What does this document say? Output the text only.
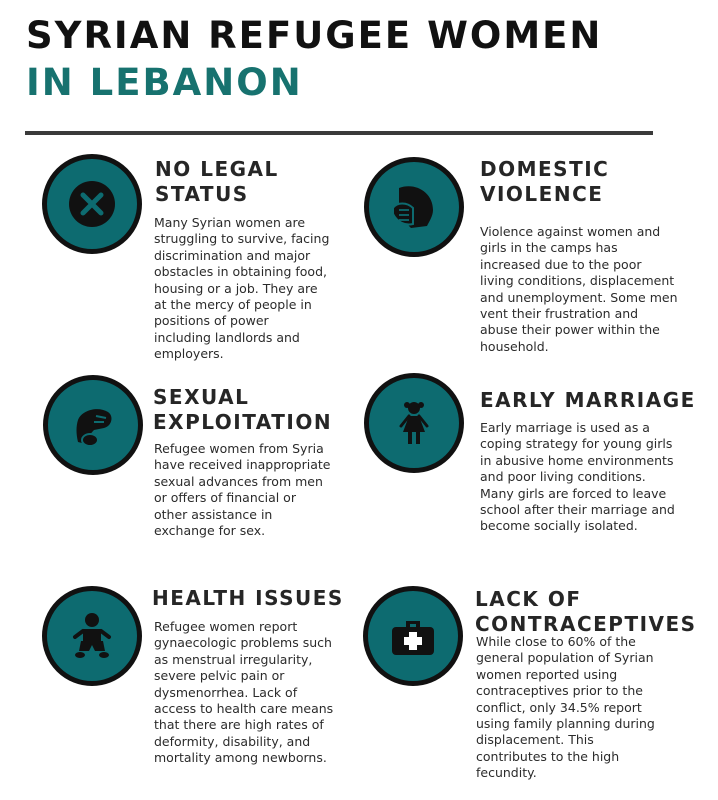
SYRIAN REFUGEE WOMEN
IN LEBANON
NO LEGAL
STATUS
Many Syrian women are
struggling to survive, facing
discrimination and major
obstacles in obtaining food,
housing or a job. They are
at the mercy of people in
positions of power
including landlords and
employers.
DOMESTIC
VIOLENCE
Violence against women and
girls in the camps has
increased due to the poor
living conditions, displacement
and unemployment. Some men
vent their frustration and
abuse their power within the
household.
SEXUAL
EXPLOITATION
Refugee women from Syria
have received inappropriate
sexual advances from men
or offers of financial or
other assistance in
exchange for sex.
EARLY MARRIAGE
Early marriage is used as a
coping strategy for young girls
in abusive home environments
and poor living conditions.
Many girls are forced to leave
school after their marriage and
become socially isolated.
HEALTH ISSUES
Refugee women report
gynaecologic problems such
as menstrual irregularity,
severe pelvic pain or
dysmenorrhea. Lack of
access to health care means
that there are high rates of
deformity, disability, and
mortality among newborns.
LACK OF
CONTRACEPTIVES
While close to 60% of the
general population of Syrian
women reported using
contraceptives prior to the
conflict, only 34.5% report
using family planning during
displacement. This
contributes to the high
fecundity.
